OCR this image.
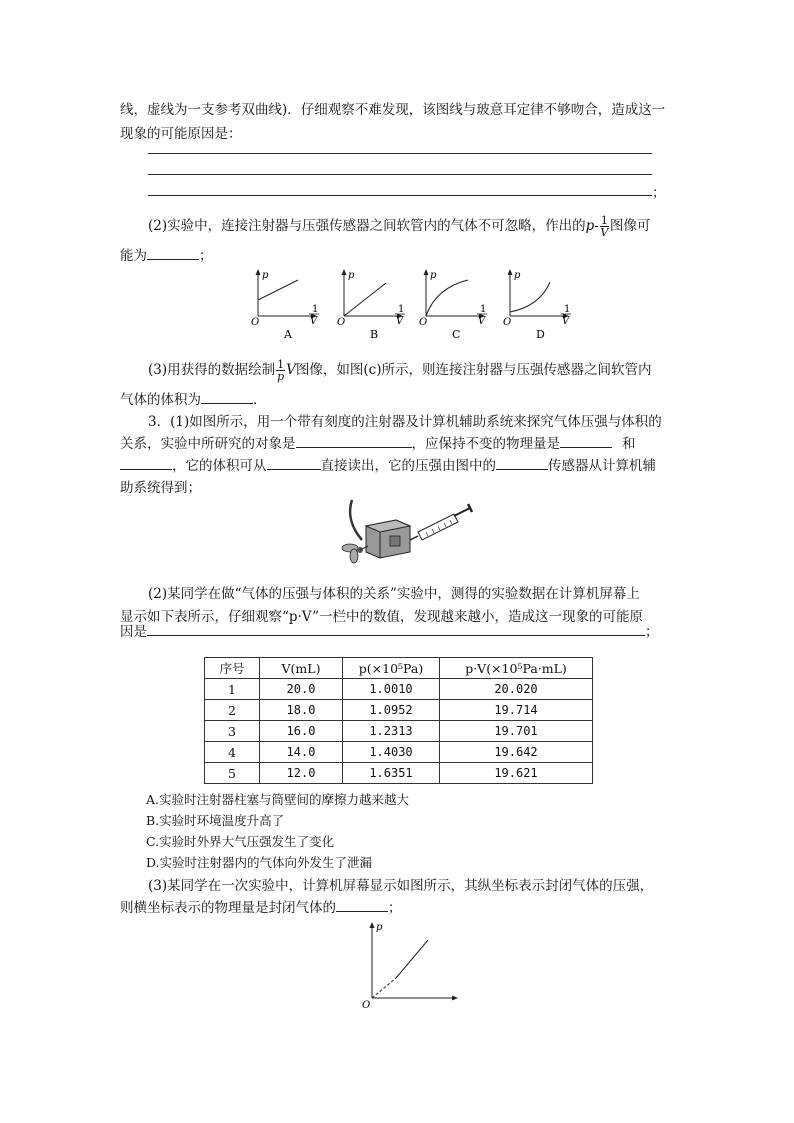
线，虚线为一支参考双曲线)．仔细观察不难发现，该图线与玻意耳定律不够吻合，造成这一
现象的可能原因是：
；
(2)实验中，连接注射器与压强传感器之间软管内的气体不可忽略，作出的$p- \frac{1}{V}$ 图像可
能为	；
p
O
1
V
A
p
O
1
V
B
p
O
1
V
C
p
O
1
V
D
(3)用获得的数据绘制 $\frac{1}{p}$ V图像，如图(c)所示，则连接注射器与压强传感器之间软管内
气体的体积为	．
3．(1)如图所示，用一个带有刻度的注射器及计算机辅助系统来探究气体压强与体积的
关系，实验中所研究的对象是	，应保持不变的物理量是	和
，它的体积可从	直接读出，它的压强由图中的	传感器从计算机辅
助系统得到；
(2)某同学在做“气体的压强与体积的关系”实验中，测得的实验数据在计算机屏幕上
显示如下表所示，仔细观察“p·V”一栏中的数值，发现越来越小，造成这一现象的可能原
因是	；
序号	V(mL)	p(×10⁵Pa)	p·V(×10⁵Pa·mL)
1	20.0	1.0010	20.020
2	18.0	1.0952	19.714
3	16.0	1.2313	19.701
4	14.0	1.4030	19.642
5	12.0	1.6351	19.621
A.实验时注射器柱塞与筒壁间的摩擦力越来越大
B.实验时环境温度升高了
C.实验时外界大气压强发生了变化
D.实验时注射器内的气体向外发生了泄漏
(3)某同学在一次实验中，计算机屏幕显示如图所示，其纵坐标表示封闭气体的压强，
则横坐标表示的物理量是封闭气体的	；
p
O
